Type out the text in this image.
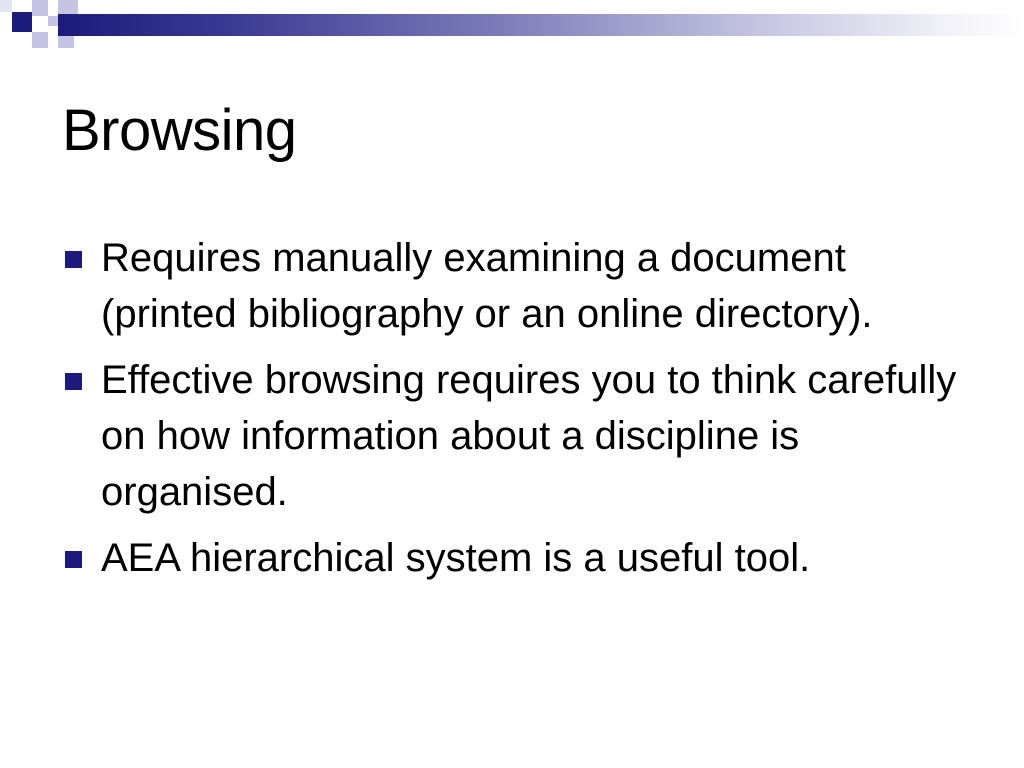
Browsing
Requires manually examining a document (printed bibliography or an online directory).
Effective browsing requires you to think carefully on how information about a discipline is organised.
AEA hierarchical system is a useful tool.
